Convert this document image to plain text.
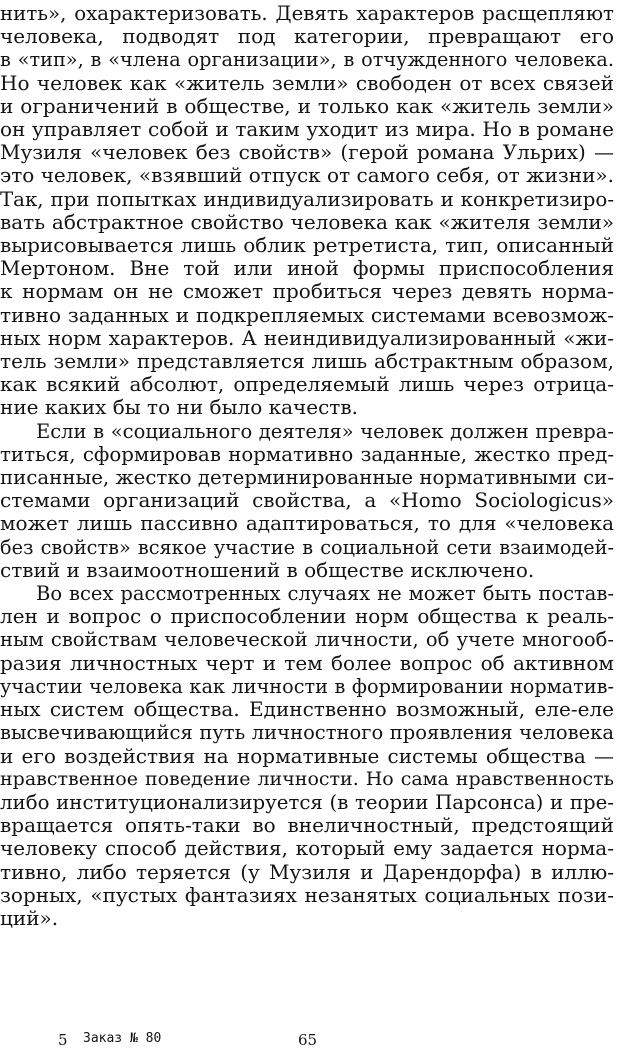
нить», охарактеризовать. Девять характеров расщепляют
человека, подводят под категории, превращают его
в «тип», в «члена организации», в отчужденного человека.
Но человек как «житель земли» свободен от всех связей
и ограничений в обществе, и только как «житель земли»
он управляет собой и таким уходит из мира. Но в романе
Музиля «человек без свойств» (герой романа Ульрих) —
это человек, «взявший отпуск от самого себя, от жизни».
Так, при попытках индивидуализировать и конкретизиро-
вать абстрактное свойство человека как «жителя земли»
вырисовывается лишь облик ретретиста, тип, описанный
Мертоном. Вне той или иной формы приспособления
к нормам он не сможет пробиться через девять норма-
тивно заданных и подкрепляемых системами всевозмож-
ных норм характеров. А неиндивидуализированный «жи-
тель земли» представляется лишь абстрактным образом,
как всякий абсолют, определяемый лишь через отрица-
ние каких бы то ни было качеств.
Если в «социального деятеля» человек должен превра-
титься, сформировав нормативно заданные, жестко пред-
писанные, жестко детерминированные нормативными си-
стемами организаций свойства, а «Homo Sociologicus»
может лишь пассивно адаптироваться, то для «человека
без свойств» всякое участие в социальной сети взаимодей-
ствий и взаимоотношений в обществе исключено.
Во всех рассмотренных случаях не может быть постав-
лен и вопрос о приспособлении норм общества к реаль-
ным свойствам человеческой личности, об учете многооб-
разия личностных черт и тем более вопрос об активном
участии человека как личности в формировании норматив-
ных систем общества. Единственно возможный, еле-еле
высвечивающийся путь личностного проявления человека
и его воздействия на нормативные системы общества —
нравственное поведение личности. Но сама нравственность
либо институционализируется (в теории Парсонса) и пре-
вращается опять-таки во внеличностный, предстоящий
человеку способ действия, который ему задается норма-
тивно, либо теряется (у Музиля и Дарендорфа) в иллю-
зорных, «пустых фантазиях незанятых социальных пози-
ций».
5 Заказ № 80	65
